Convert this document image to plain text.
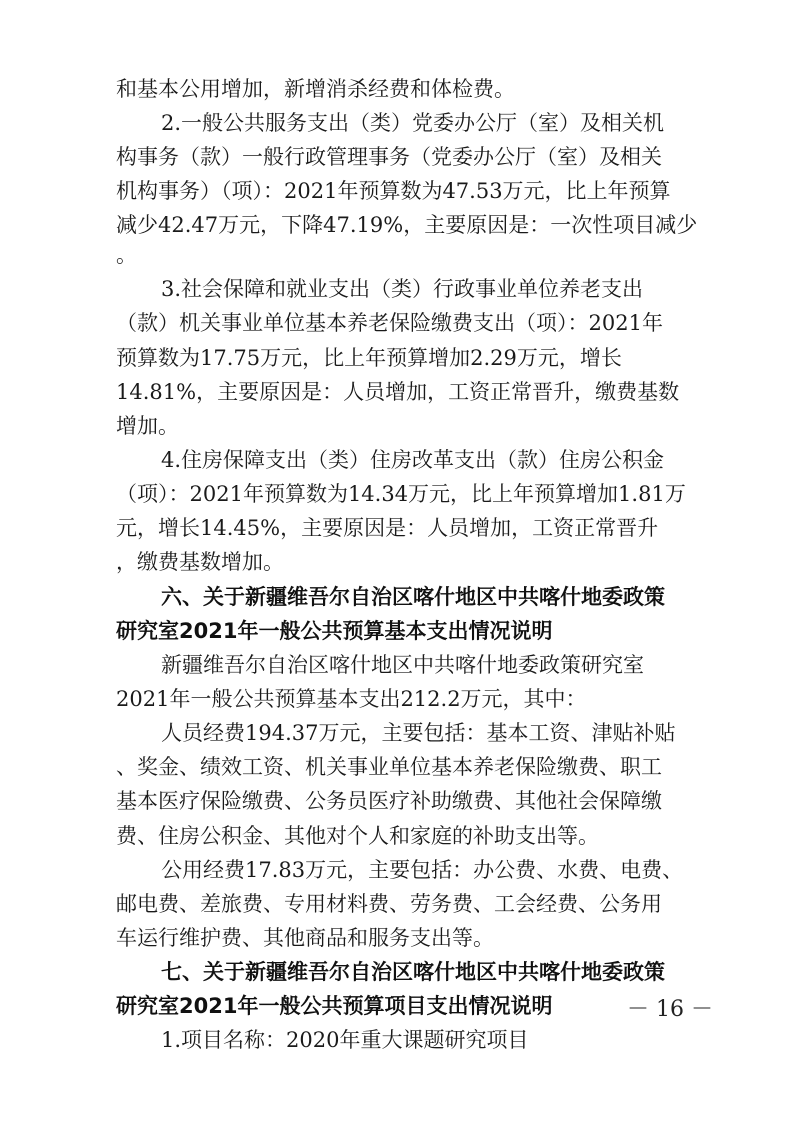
和基本公用增加，新增消杀经费和体检费。
2.一般公共服务支出（类）党委办公厅（室）及相关机
构事务（款）一般行政管理事务（党委办公厅（室）及相关
机构事务）（项）：2021年预算数为47.53万元，比上年预算
减少42.47万元，下降47.19%，主要原因是：一次性项目减少
。
3.社会保障和就业支出（类）行政事业单位养老支出
（款）机关事业单位基本养老保险缴费支出（项）：2021年
预算数为17.75万元，比上年预算增加2.29万元，增长
14.81%，主要原因是：人员增加，工资正常晋升，缴费基数
增加。
4.住房保障支出（类）住房改革支出（款）住房公积金
（项）：2021年预算数为14.34万元，比上年预算增加1.81万
元，增长14.45%，主要原因是：人员增加，工资正常晋升
，缴费基数增加。
六、关于新疆维吾尔自治区喀什地区中共喀什地委政策
研究室2021年一般公共预算基本支出情况说明
新疆维吾尔自治区喀什地区中共喀什地委政策研究室
2021年一般公共预算基本支出212.2万元，其中：
人员经费194.37万元，主要包括：基本工资、津贴补贴
、奖金、绩效工资、机关事业单位基本养老保险缴费、职工
基本医疗保险缴费、公务员医疗补助缴费、其他社会保障缴
费、住房公积金、其他对个人和家庭的补助支出等。
公用经费17.83万元，主要包括：办公费、水费、电费、
邮电费、差旅费、专用材料费、劳务费、工会经费、公务用
车运行维护费、其他商品和服务支出等。
七、关于新疆维吾尔自治区喀什地区中共喀什地委政策
研究室2021年一般公共预算项目支出情况说明
1.项目名称：2020年重大课题研究项目
－ 16 －
